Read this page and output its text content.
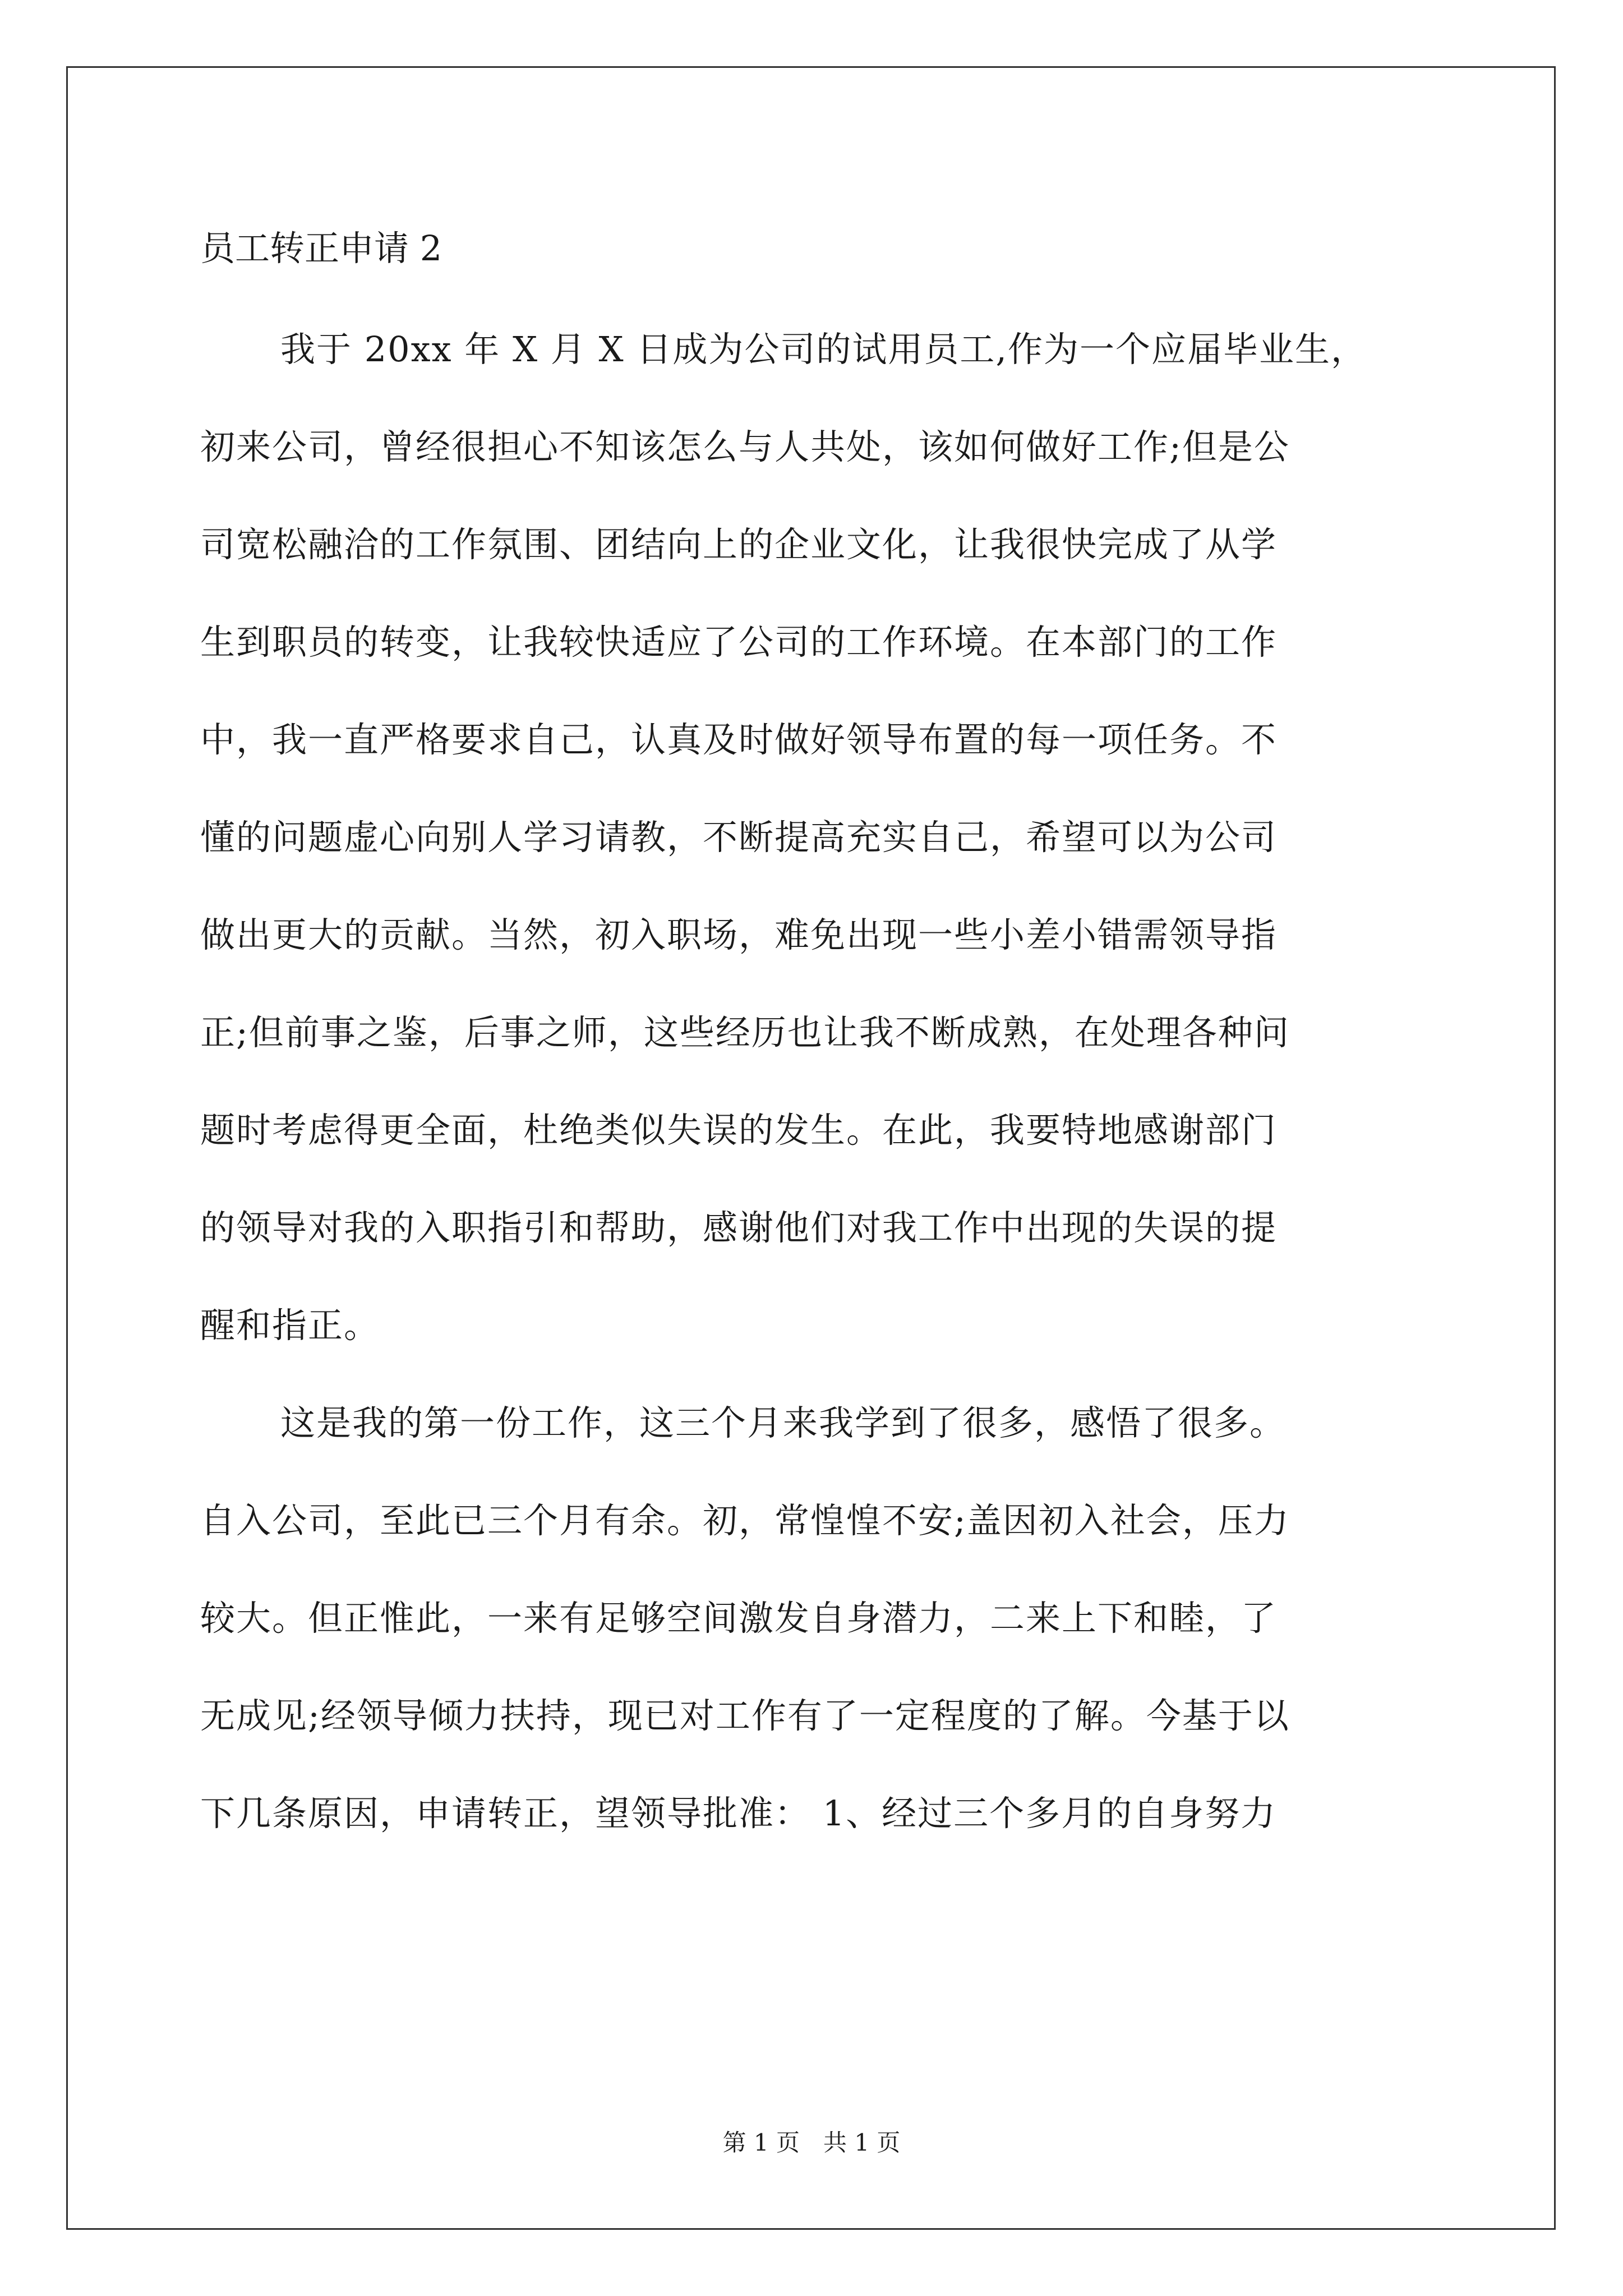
员工转正申请 2
我于 20xx 年 X 月 X 日成为公司的试用员工,作为一个应届毕业生，
初来公司，曾经很担心不知该怎么与人共处，该如何做好工作;但是公
司宽松融洽的工作氛围、团结向上的企业文化，让我很快完成了从学
生到职员的转变，让我较快适应了公司的工作环境。在本部门的工作
中，我一直严格要求自己，认真及时做好领导布置的每一项任务。不
懂的问题虚心向别人学习请教，不断提高充实自己，希望可以为公司
做出更大的贡献。当然，初入职场，难免出现一些小差小错需领导指
正;但前事之鉴，后事之师，这些经历也让我不断成熟，在处理各种问
题时考虑得更全面，杜绝类似失误的发生。在此，我要特地感谢部门
的领导对我的入职指引和帮助，感谢他们对我工作中出现的失误的提
醒和指正。
这是我的第一份工作，这三个月来我学到了很多，感悟了很多。
自入公司，至此已三个月有余。初，常惶惶不安;盖因初入社会，压力
较大。但正惟此，一来有足够空间激发自身潜力，二来上下和睦，了
无成见;经领导倾力扶持，现已对工作有了一定程度的了解。今基于以
下几条原因，申请转正，望领导批准： 1、经过三个多月的自身努力
第 1 页　共 1 页
